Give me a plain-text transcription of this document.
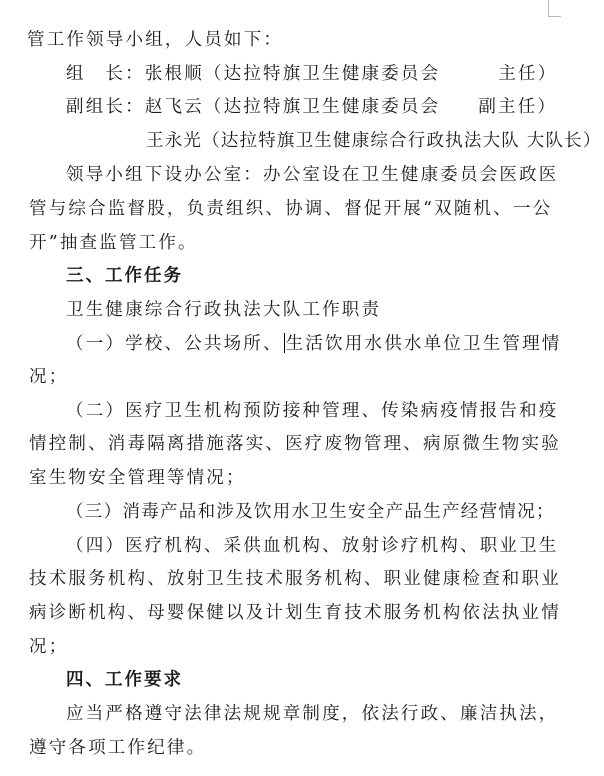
管工作领导小组，人员如下：
组　长：张根顺（达拉特旗卫生健康委员会	主任）
副组长：赵飞云（达拉特旗卫生健康委员会 副主任）
王永光（达拉特旗卫生健康综合行政执法大队 大队长）
领导小组下设办公室：办公室设在卫生健康委员会医政医
管与综合监督股，负责组织、协调、督促开展“双随机、一公
开”抽查监管工作。
三、工作任务
卫生健康综合行政执法大队工作职责
（一）学校、公共场所、 生活饮用水供水单位卫生管理情
况；
（二）医疗卫生机构预防接种管理、传染病疫情报告和疫
情控制、消毒隔离措施落实、医疗废物管理、病原微生物实验
室生物安全管理等情况；
（三）消毒产品和涉及饮用水卫生安全产品生产经营情况；
（四）医疗机构、采供血机构、放射诊疗机构、职业卫生
技术服务机构、放射卫生技术服务机构、职业健康检查和职业
病诊断机构、母婴保健以及计划生育技术服务机构依法执业情
况；
四、工作要求
应当严格遵守法律法规规章制度，依法行政、廉洁执法，
遵守各项工作纪律。
